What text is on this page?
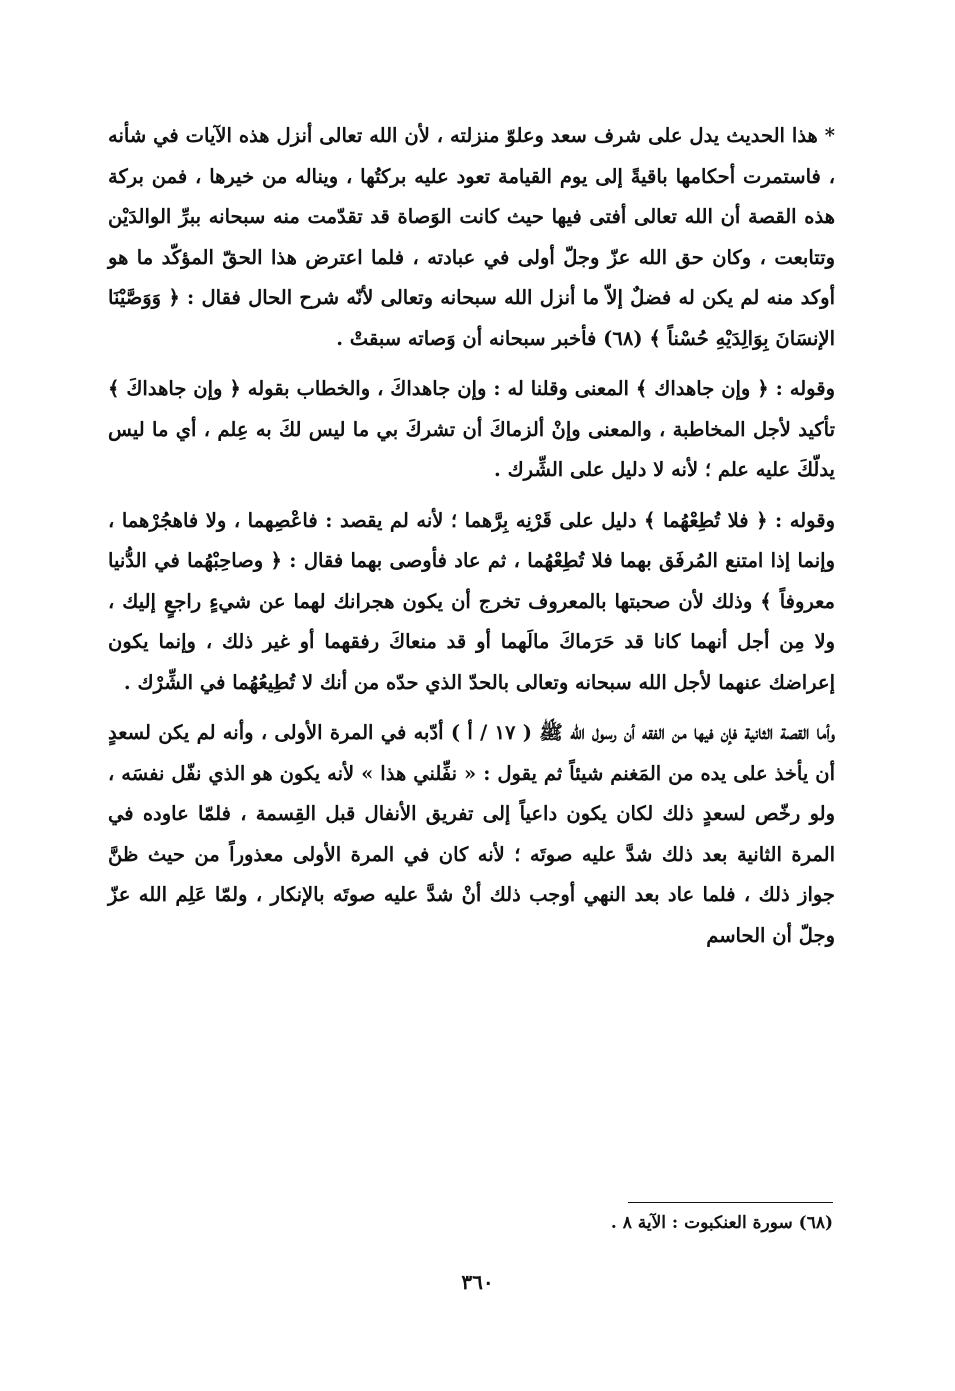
* هذا الحديث يدل على شرف سعد وعلوّ منزلته ، لأن الله تعالى أنزل هذه الآيات في شأنه ، فاستمرت أحكامها باقيةً إلى يوم القيامة تعود عليه بركتُها ، ويناله من خيرها ، فمن بركة هذه القصة أن الله تعالى أفتى فيها حيث كانت الوَصاة قد تقدّمت منه سبحانه ببرِّ الوالدَيْن وتتابعت ، وكان حق الله عزّ وجلّ أولى في عبادته ، فلما اعترض هذا الحقّ المؤكّد ما هو أوكد منه لم يكن له فضلٌ إلاّ ما أنزل الله سبحانه وتعالى لأنّه شرح الحال فقال : ﴿ وَوَصَّيْنَا الإنسَانَ بِوَالِدَيْهِ حُسْناً ﴾ (٦٨) فأخبر سبحانه أن وَصاته سبقتْ .

وقوله : ﴿ وإن جاهداك ﴾ المعنى وقلنا له : وإن جاهداكَ ، والخطاب بقوله ﴿ وإن جاهداكَ ﴾ تأكيد لأجل المخاطبة ، والمعنى وإنْ ألزماكَ أن تشركَ بي ما ليس لكَ به عِلم ، أي ما ليس يدلّكَ عليه علم ؛ لأنه لا دليل على الشِّرك .

وقوله : ﴿ فلا تُطِعْهُما ﴾ دليل على قَرْنِه بِرَّهما ؛ لأنه لم يقصد : فاعْصِهما ، ولا فاهجُرْهما ، وإنما إذا امتنع المُرفَق بهما فلا تُطِعْهُما ، ثم عاد فأوصى بهما فقال : ﴿ وصاحِبْهُما في الدُّنيا معروفاً ﴾ وذلك لأن صحبتها بالمعروف تخرج أن يكون هجرانك لهما عن شيءٍ راجعٍ إليك ، ولا مِن أجل أنهما كانا قد حَرَماكَ مالَهما أو قد منعاكَ رفقهما أو غير ذلك ، وإنما يكون إعراضك عنهما لأجل الله سبحانه وتعالى بالحدّ الذي حدّه من أنك لا تُطِيعُهُما في الشِّرْك .

وأما القصة الثانية فإن فيها من الفقه أن رسول الله ﷺ ( ١٧ / أ ) أدّبه في المرة الأولى ، وأنه لم يكن لسعدٍ أن يأخذ على يده من المَغنم شيئاً ثم يقول : « نفِّلني هذا » لأنه يكون هو الذي نفّل نفسَه ، ولو رخّص لسعدٍ ذلك لكان يكون داعياً إلى تفريق الأنفال قبل القِسمة ، فلمّا عاوده في المرة الثانية بعد ذلك شدَّ عليه صوتَه ؛ لأنه كان في المرة الأولى معذوراً من حيث ظنَّ جواز ذلك ، فلما عاد بعد النهي أوجب ذلك أنْ شدَّ عليه صوتَه بالإنكار ، ولمّا عَلِم الله عزّ وجلّ أن الحاسم

(٦٨) سورة العنكبوت : الآية ٨ .
٣٦٠
